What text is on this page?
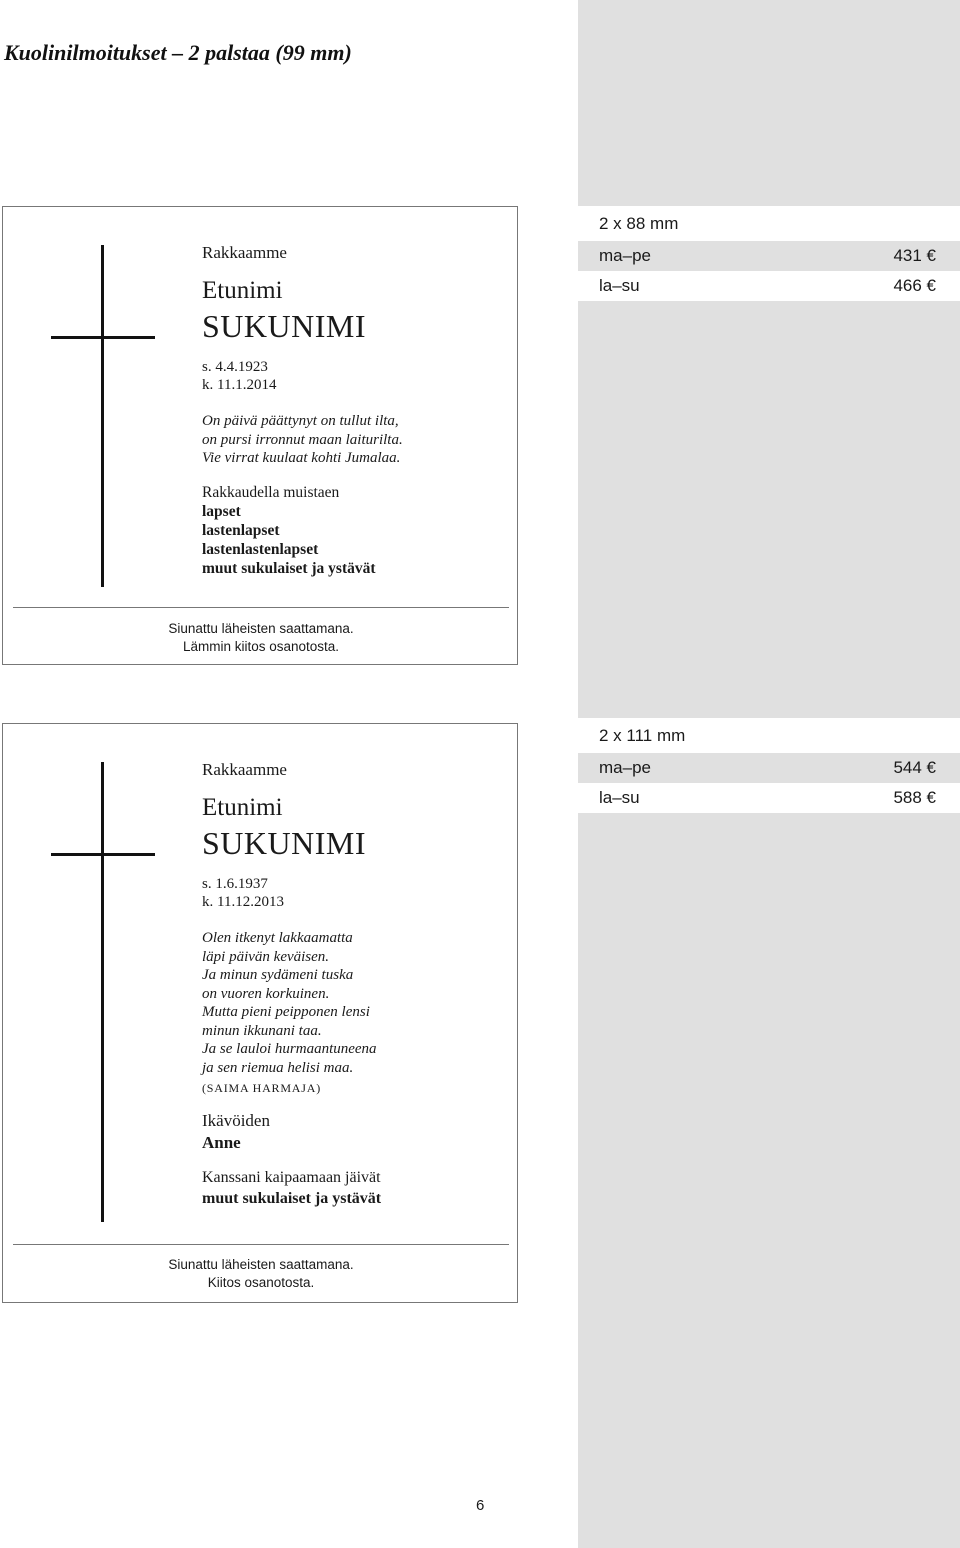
Kuolinilmoitukset – 2 palstaa (99 mm)
2 x 88 mm
ma–pe	431 €
la–su	466 €

Rakkaamme

Etunimi

SUKUNIMI

s. 4.4.1923
k. 11.1.2014
On päivä päättynyt on tullut ilta,
on pursi irronnut maan laiturilta.
Vie virrat kuulaat kohti Jumalaa.
Rakkaudella muistaen
lapset
lastenlapset
lastenlastenlapset
muut sukulaiset ja ystävät
Siunattu läheisten saattamana.
Lämmin kiitos osanotosta.
2 x 111 mm
ma–pe	544 €
la–su	588 €

Rakkaamme

Etunimi

SUKUNIMI

s. 1.6.1937
k. 11.12.2013
Olen itkenyt lakkaamatta
läpi päivän keväisen.
Ja minun sydämeni tuska
on vuoren korkuinen.
Mutta pieni peipponen lensi
minun ikkunani taa.
Ja se lauloi hurmaantuneena
ja sen riemua helisi maa.
(SAIMA HARMAJA)
Ikävöiden
Anne
Kanssani kaipaamaan jäivät
muut sukulaiset ja ystävät
Siunattu läheisten saattamana.
Kiitos osanotosta.
6
